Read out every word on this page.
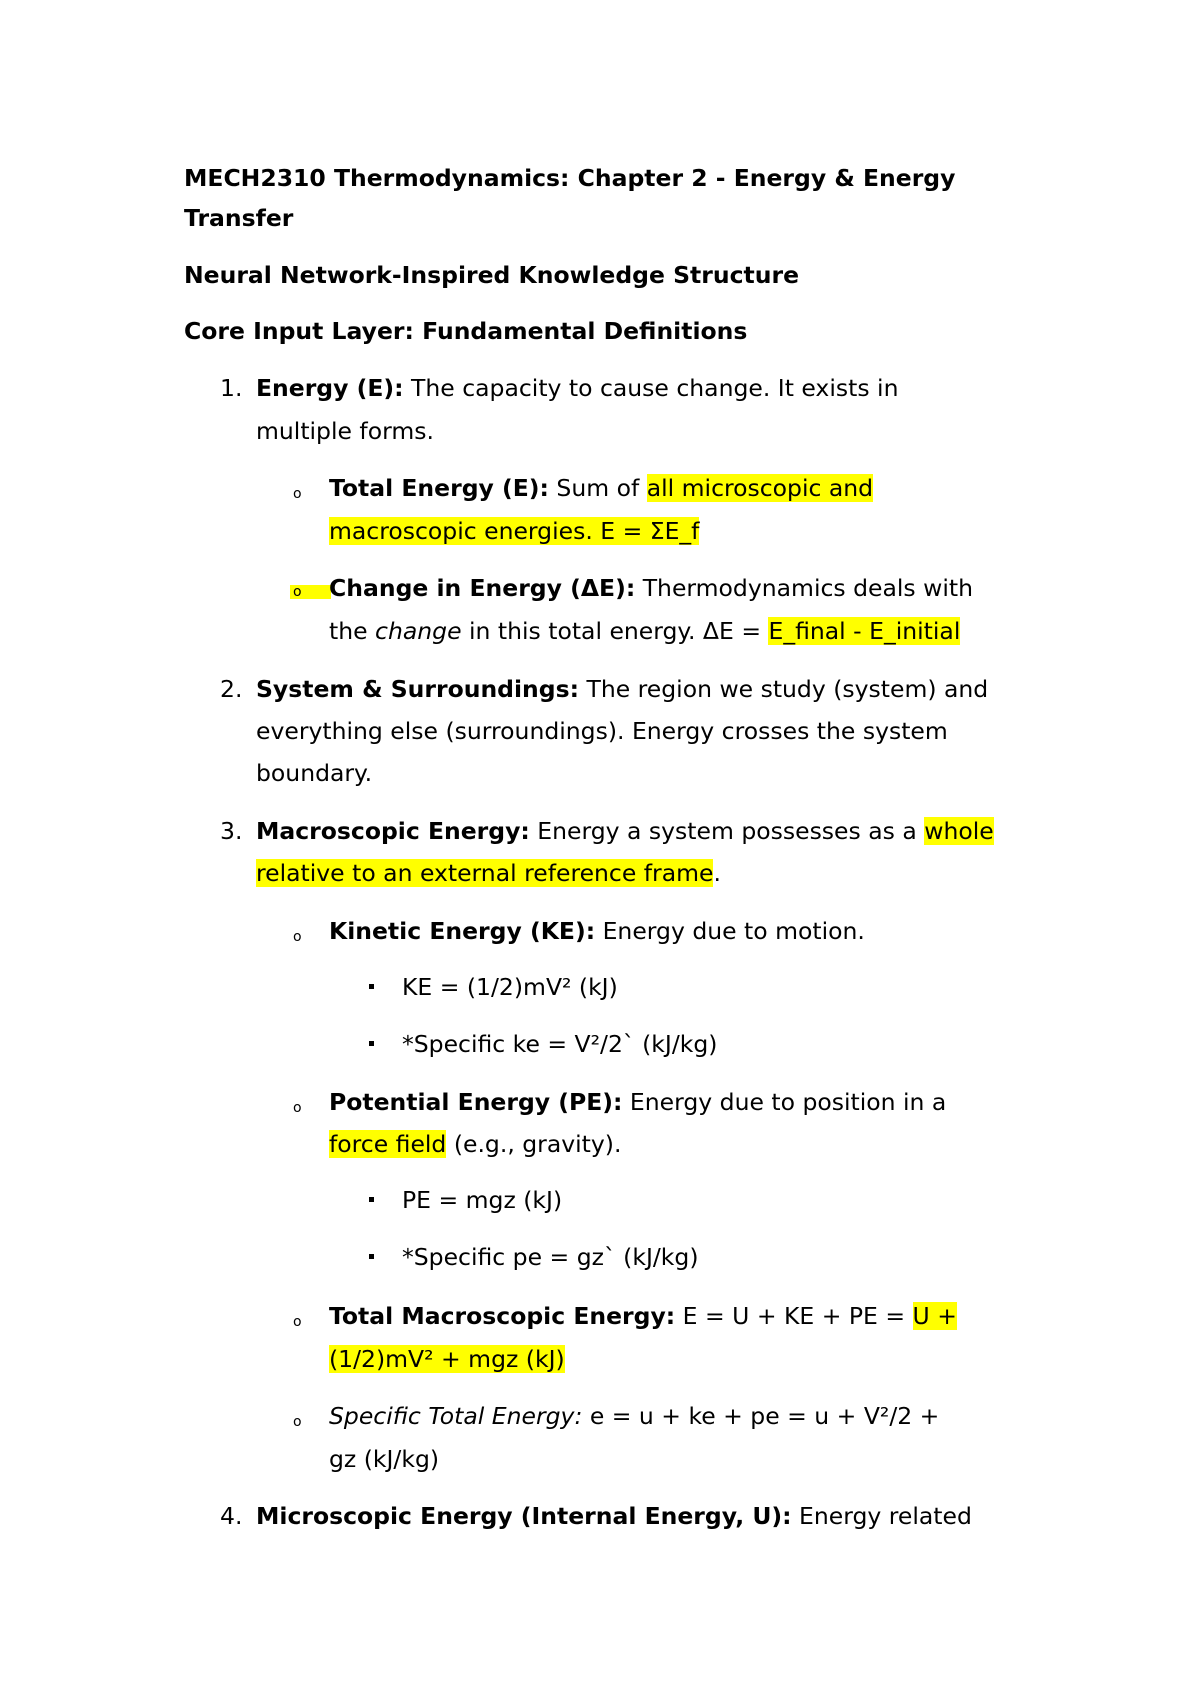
MECH2310 Thermodynamics: Chapter 2 - Energy & Energy
Transfer
Neural Network-Inspired Knowledge Structure
Core Input Layer: Fundamental Definitions
1. Energy (E): The capacity to cause change. It exists in
multiple forms.
o Total Energy (E): Sum of all microscopic and
macroscopic energies. E = ΣE_f
o	Change in Energy (ΔE): Thermodynamics deals with
the change in this total energy. ΔE = E_final - E_initial
2. System & Surroundings: The region we study (system) and
everything else (surroundings). Energy crosses the system
boundary.
3. Macroscopic Energy: Energy a system possesses as a whole
relative to an external reference frame.
o Kinetic Energy (KE): Energy due to motion.
KE = (1/2)mV² (kJ)
*Specific ke = V²/2` (kJ/kg)
o Potential Energy (PE): Energy due to position in a
force field (e.g., gravity).
PE = mgz (kJ)
*Specific pe = gz` (kJ/kg)
o Total Macroscopic Energy: E = U + KE + PE = U +
(1/2)mV² + mgz (kJ)
o Specific Total Energy: e = u + ke + pe = u + V²/2 +
gz (kJ/kg)
4. Microscopic Energy (Internal Energy, U): Energy related
